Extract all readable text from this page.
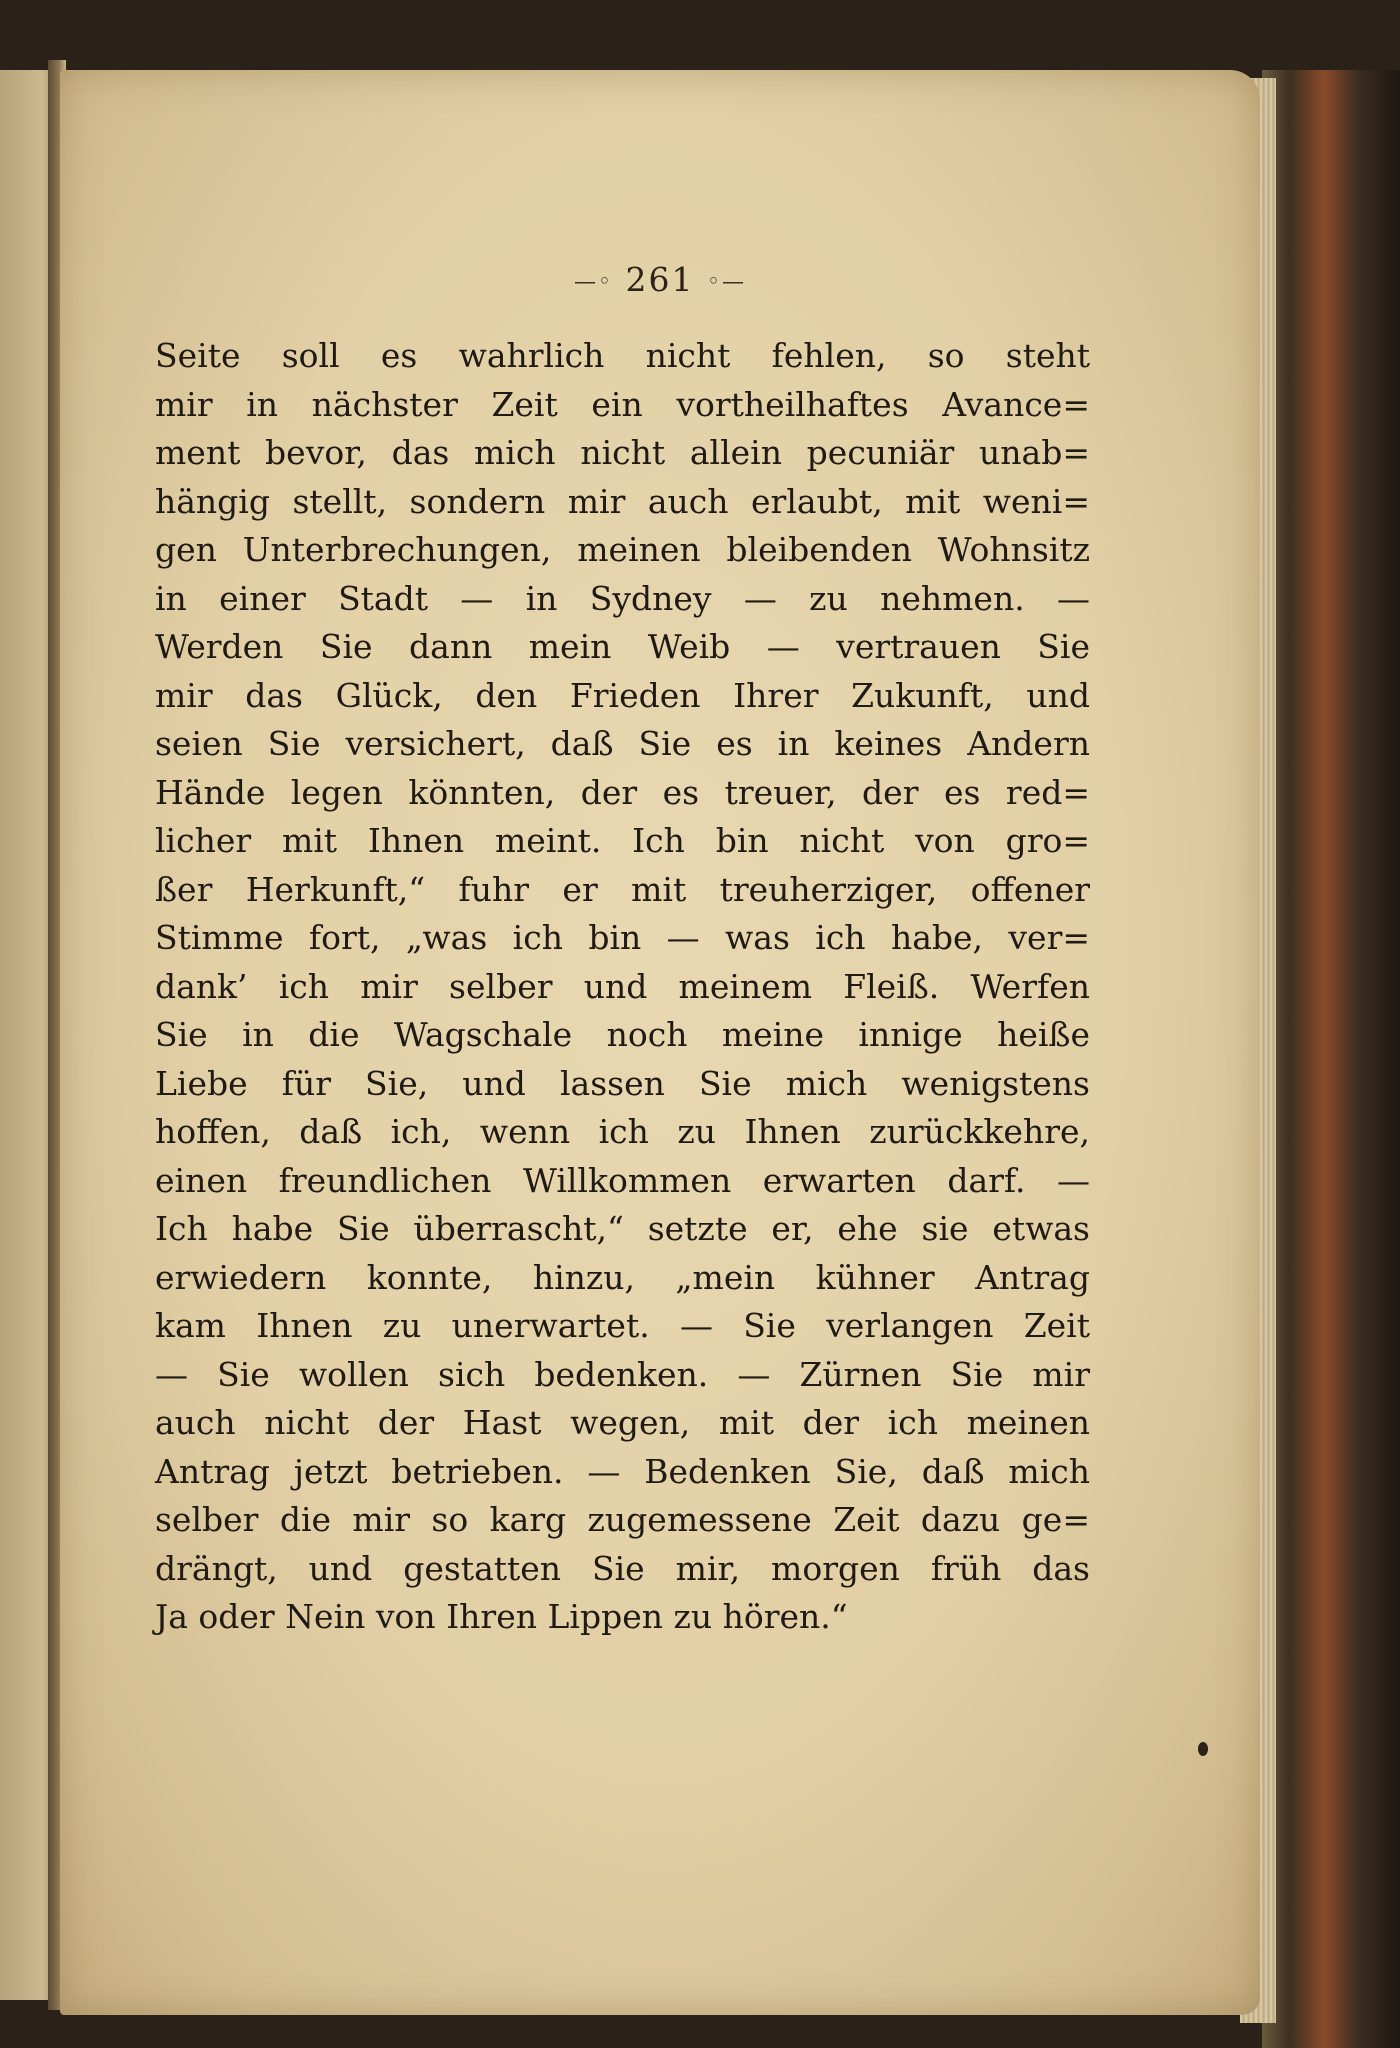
—◦ 261 ◦—
Seite soll es wahrlich nicht fehlen, so steht
mir in nächster Zeit ein vortheilhaftes Avance=
ment bevor, das mich nicht allein pecuniär unab=
hängig stellt, sondern mir auch erlaubt, mit weni=
gen Unterbrechungen, meinen bleibenden Wohnsitz
in einer Stadt — in Sydney — zu nehmen. —
Werden Sie dann mein Weib — vertrauen Sie
mir das Glück, den Frieden Ihrer Zukunft, und
seien Sie versichert, daß Sie es in keines Andern
Hände legen könnten, der es treuer, der es red=
licher mit Ihnen meint. Ich bin nicht von gro=
ßer Herkunft,“ fuhr er mit treuherziger, offener
Stimme fort, „was ich bin — was ich habe, ver=
dank’ ich mir selber und meinem Fleiß. Werfen
Sie in die Wagschale noch meine innige heiße
Liebe für Sie, und lassen Sie mich wenigstens
hoffen, daß ich, wenn ich zu Ihnen zurückkehre,
einen freundlichen Willkommen erwarten darf. —
Ich habe Sie überrascht,“ setzte er, ehe sie etwas
erwiedern konnte, hinzu, „mein kühner Antrag
kam Ihnen zu unerwartet. — Sie verlangen Zeit
— Sie wollen sich bedenken. — Zürnen Sie mir
auch nicht der Hast wegen, mit der ich meinen
Antrag jetzt betrieben. — Bedenken Sie, daß mich
selber die mir so karg zugemessene Zeit dazu ge=
drängt, und gestatten Sie mir, morgen früh das
Ja oder Nein von Ihren Lippen zu hören.“
